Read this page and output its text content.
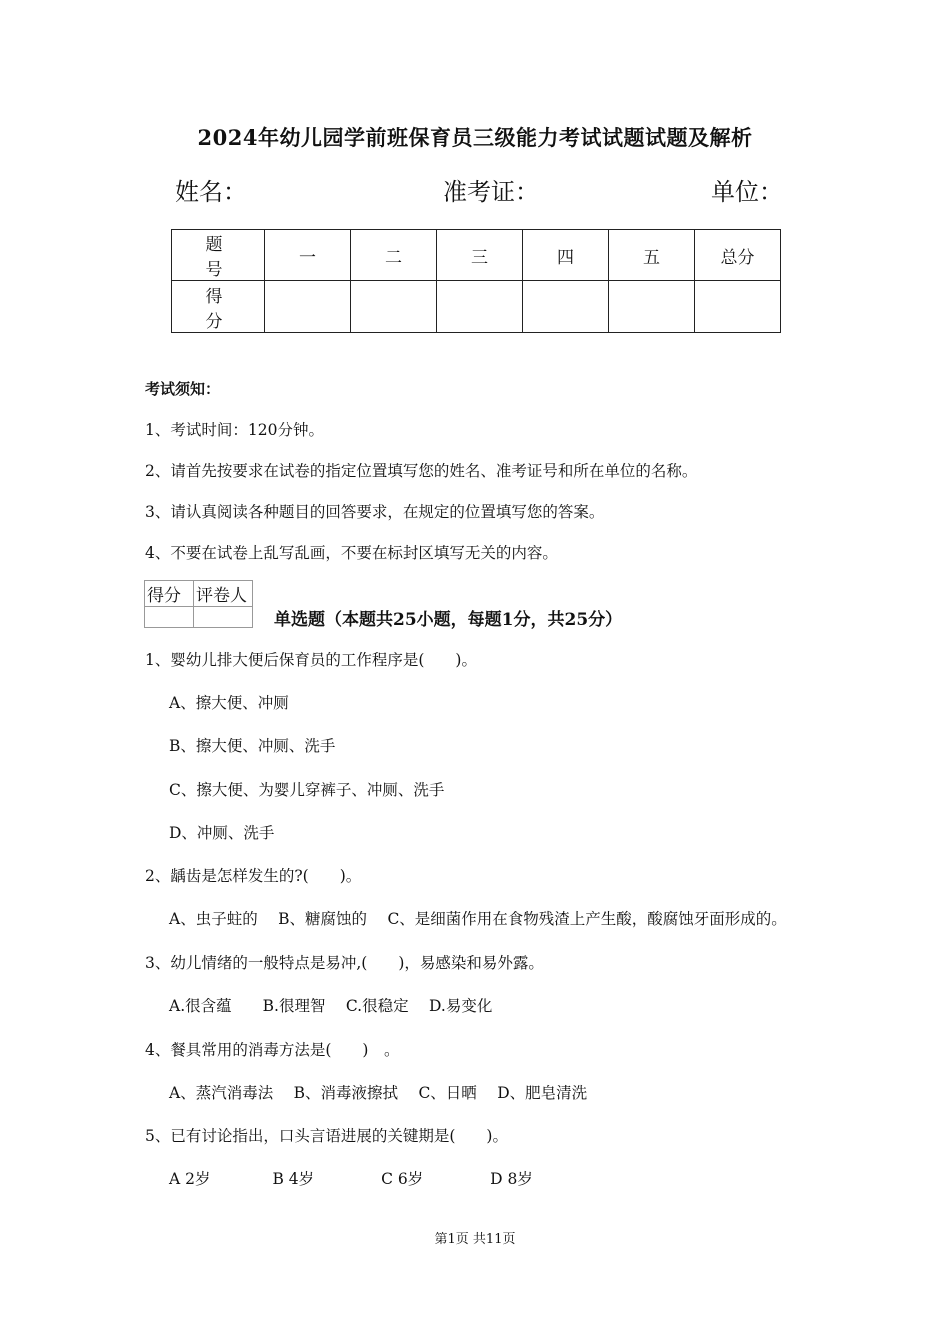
2024年幼儿园学前班保育员三级能力考试试题试题及解析
姓名：	准考证：	单位：
题　号	一	二	三	四	五	总分
得　分						
考试须知：
1、考试时间：120分钟。
2、请首先按要求在试卷的指定位置填写您的姓名、准考证号和所在单位的名称。
3、请认真阅读各种题目的回答要求，在规定的位置填写您的答案。
4、不要在试卷上乱写乱画，不要在标封区填写无关的内容。
得分	评卷人

单选题（本题共25小题，每题1分，共25分）
1、婴幼儿排大便后保育员的工作程序是(　　)。
A、擦大便、冲厕
B、擦大便、冲厕、洗手
C、擦大便、为婴儿穿裤子、冲厕、洗手
D、冲厕、洗手
2、龋齿是怎样发生的?(　　)。
A、虫子蛀的　 B、糖腐蚀的　 C、是细菌作用在食物残渣上产生酸，酸腐蚀牙面形成的。
3、幼儿情绪的一般特点是易冲,(　　)，易感染和易外露。
A.很含蕴　　B.很理智　 C.很稳定　 D.易变化
4、餐具常用的消毒方法是(　　)　。
A、蒸汽消毒法　 B、消毒液擦拭　 C、日晒　 D、肥皂清洗
5、已有讨论指出，口头言语进展的关键期是(　　)。
A 2岁　　　　B 4岁　　　　 C 6岁　　　　 D 8岁
第1页 共11页
